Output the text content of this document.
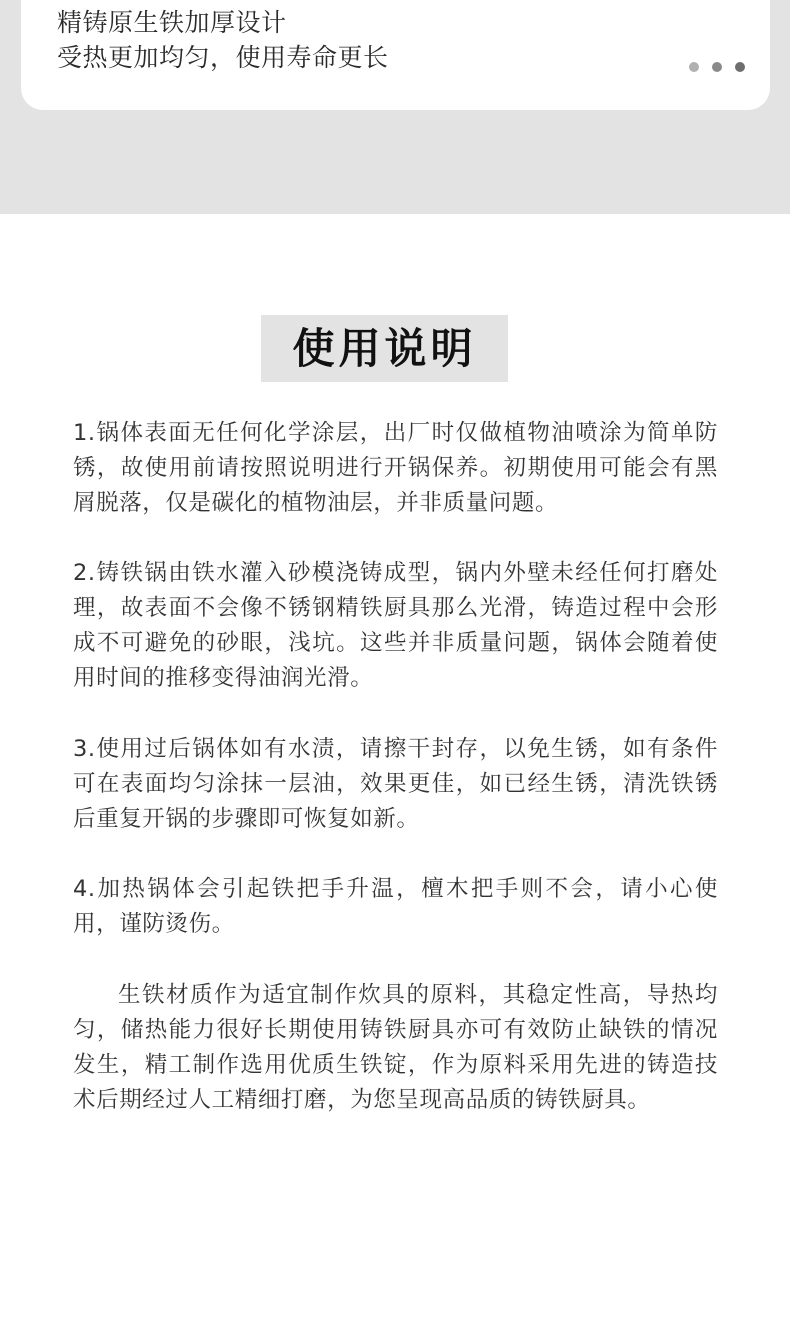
精铸原生铁加厚设计
受热更加均匀，使用寿命更长
使用说明

1.锅体表面无任何化学涂层，出厂时仅做植物油喷涂为简单防锈，故使用前请按照说明进行开锅保养。初期使用可能会有黑屑脱落，仅是碳化的植物油层，并非质量问题。

2.铸铁锅由铁水灌入砂模浇铸成型，锅内外壁未经任何打磨处理，故表面不会像不锈钢精铁厨具那么光滑，铸造过程中会形成不可避免的砂眼，浅坑。这些并非质量问题，锅体会随着使用时间的推移变得油润光滑。

3.使用过后锅体如有水渍，请擦干封存，以免生锈，如有条件可在表面均匀涂抹一层油，效果更佳，如已经生锈，清洗铁锈后重复开锅的步骤即可恢复如新。

4.加热锅体会引起铁把手升温，檀木把手则不会，请小心使用，谨防烫伤。

生铁材质作为适宜制作炊具的原料，其稳定性高，导热均匀，储热能力很好长期使用铸铁厨具亦可有效防止缺铁的情况发生，精工制作选用优质生铁锭，作为原料采用先进的铸造技术后期经过人工精细打磨，为您呈现高品质的铸铁厨具。
